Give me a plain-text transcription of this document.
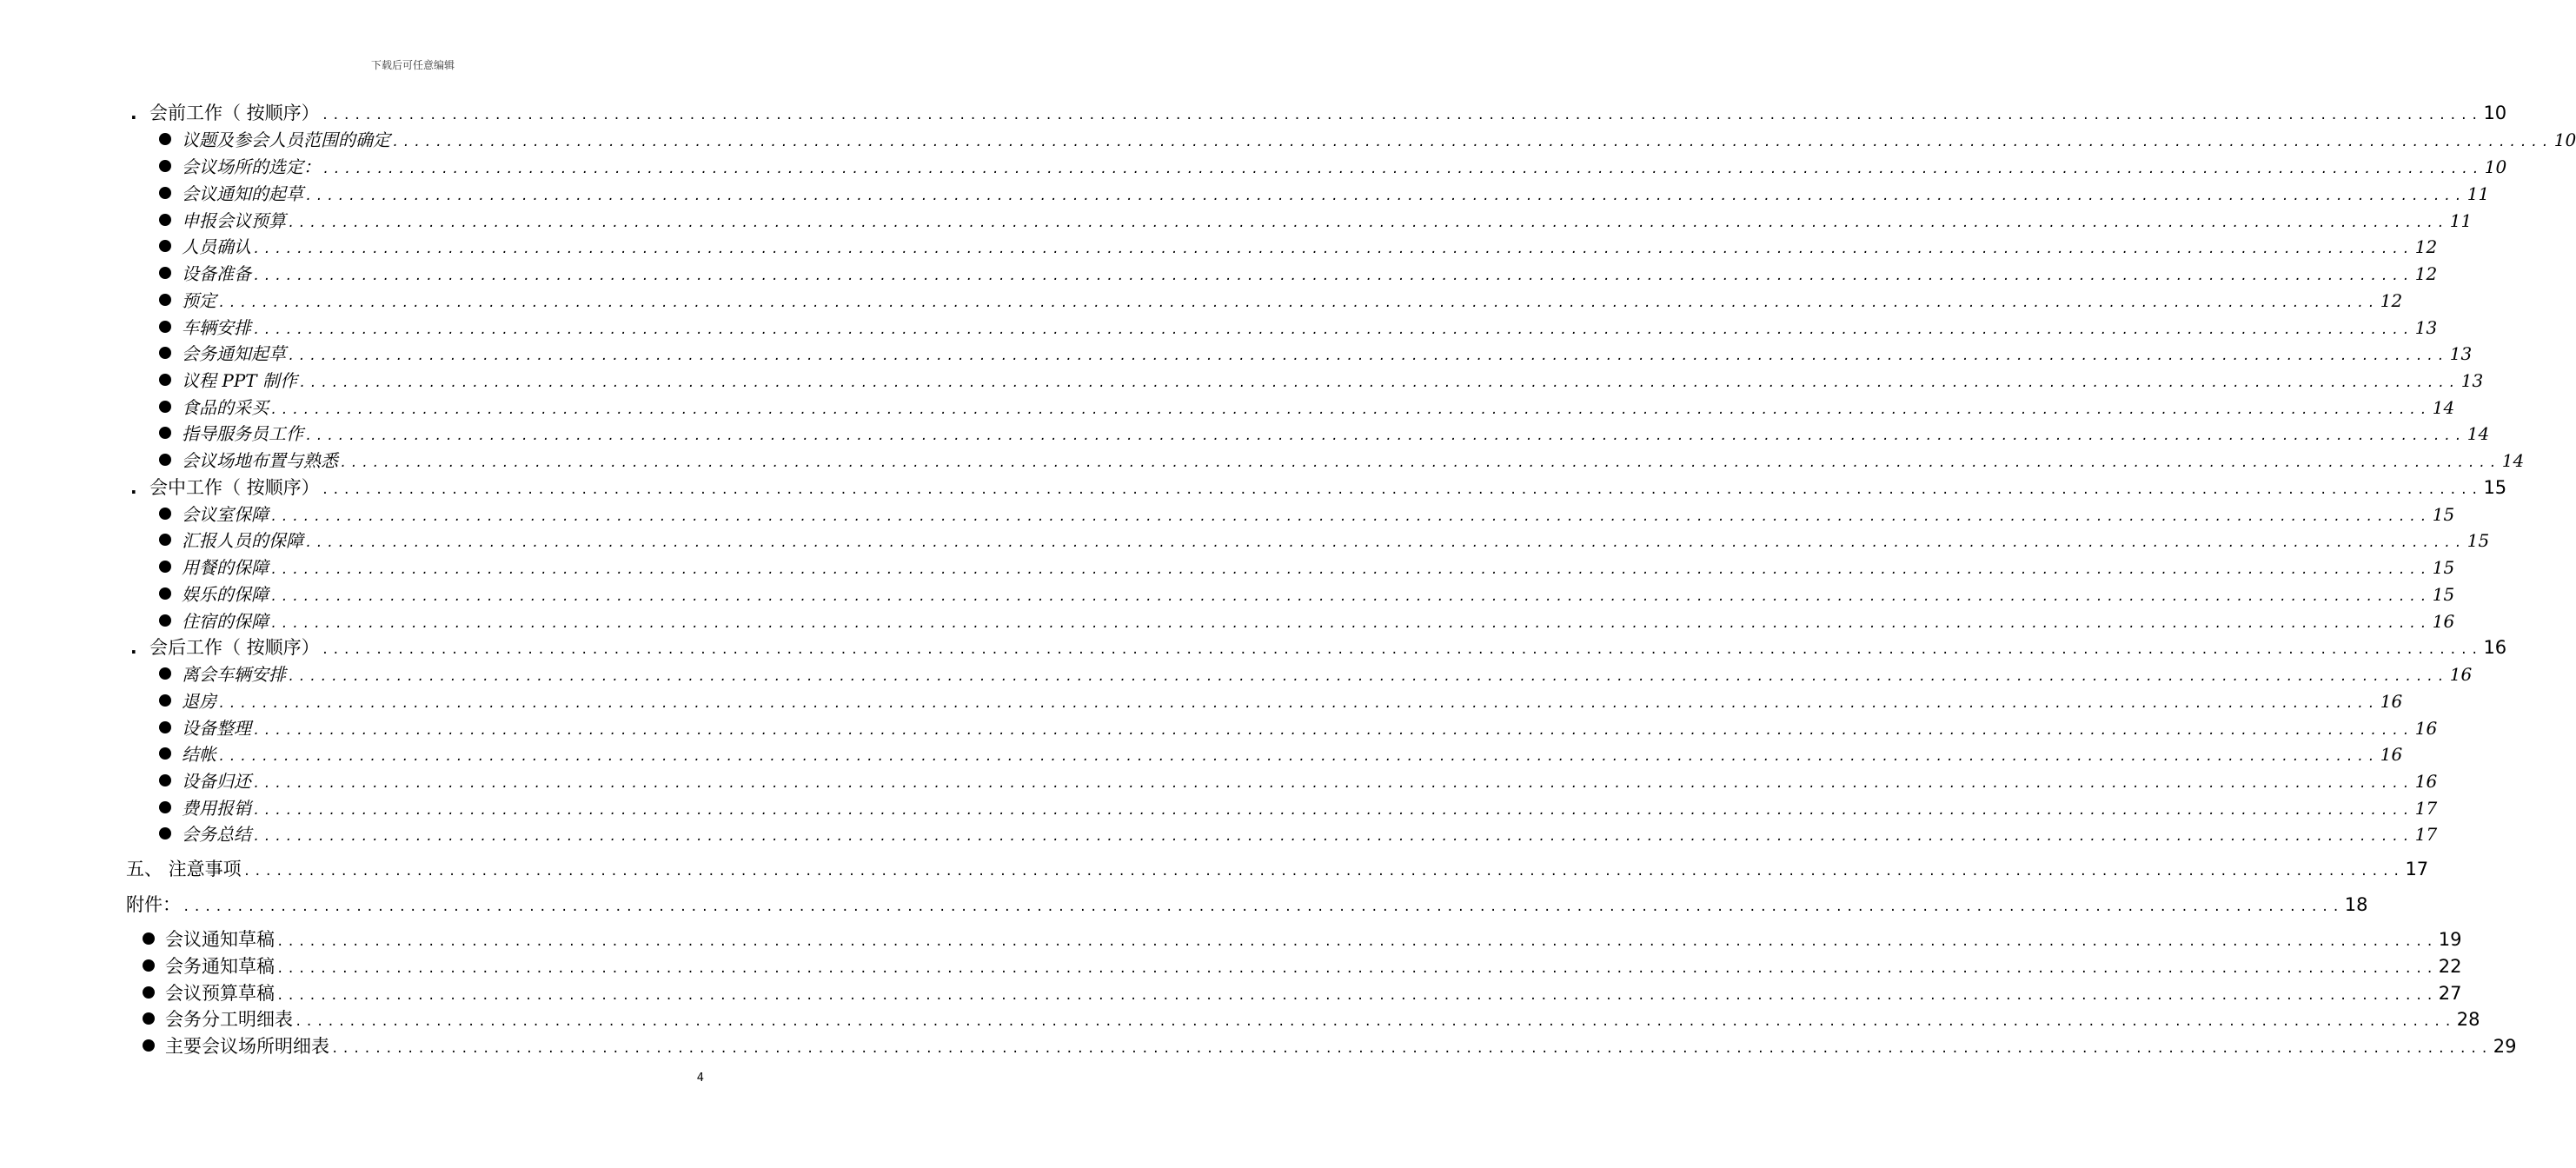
下载后可任意编辑
. 会前工作（ 按顺序） ........................................................................................................................................................................................................ 10
议题及参会人员范围的确定 ........................................................................................................................................................................................................ 10
会议场所的选定： ........................................................................................................................................................................................................ 10
会议通知的起草 ........................................................................................................................................................................................................ 11
申报会议预算 ........................................................................................................................................................................................................ 11
人员确认 ........................................................................................................................................................................................................ 12
设备准备 ........................................................................................................................................................................................................ 12
预定 ........................................................................................................................................................................................................ 12
车辆安排 ........................................................................................................................................................................................................ 13
会务通知起草 ........................................................................................................................................................................................................ 13
议程 PPT 制作 ........................................................................................................................................................................................................ 13
食品的采买 ........................................................................................................................................................................................................ 14
指导服务员工作 ........................................................................................................................................................................................................ 14
会议场地布置与熟悉 ........................................................................................................................................................................................................ 14
. 会中工作（ 按顺序） ........................................................................................................................................................................................................ 15
会议室保障 ........................................................................................................................................................................................................ 15
汇报人员的保障 ........................................................................................................................................................................................................ 15
用餐的保障 ........................................................................................................................................................................................................ 15
娱乐的保障 ........................................................................................................................................................................................................ 15
住宿的保障 ........................................................................................................................................................................................................ 16
. 会后工作（ 按顺序） ........................................................................................................................................................................................................ 16
离会车辆安排 ........................................................................................................................................................................................................ 16
退房 ........................................................................................................................................................................................................ 16
设备整理 ........................................................................................................................................................................................................ 16
结帐 ........................................................................................................................................................................................................ 16
设备归还 ........................................................................................................................................................................................................ 16
费用报销 ........................................................................................................................................................................................................ 17
会务总结 ........................................................................................................................................................................................................ 17
五、 注意事项 ........................................................................................................................................................................................................ 17
附件： ........................................................................................................................................................................................................ 18
会议通知草稿 ........................................................................................................................................................................................................ 19
会务通知草稿 ........................................................................................................................................................................................................ 22
会议预算草稿 ........................................................................................................................................................................................................ 27
会务分工明细表 ........................................................................................................................................................................................................ 28
主要会议场所明细表 ........................................................................................................................................................................................................ 29
4
